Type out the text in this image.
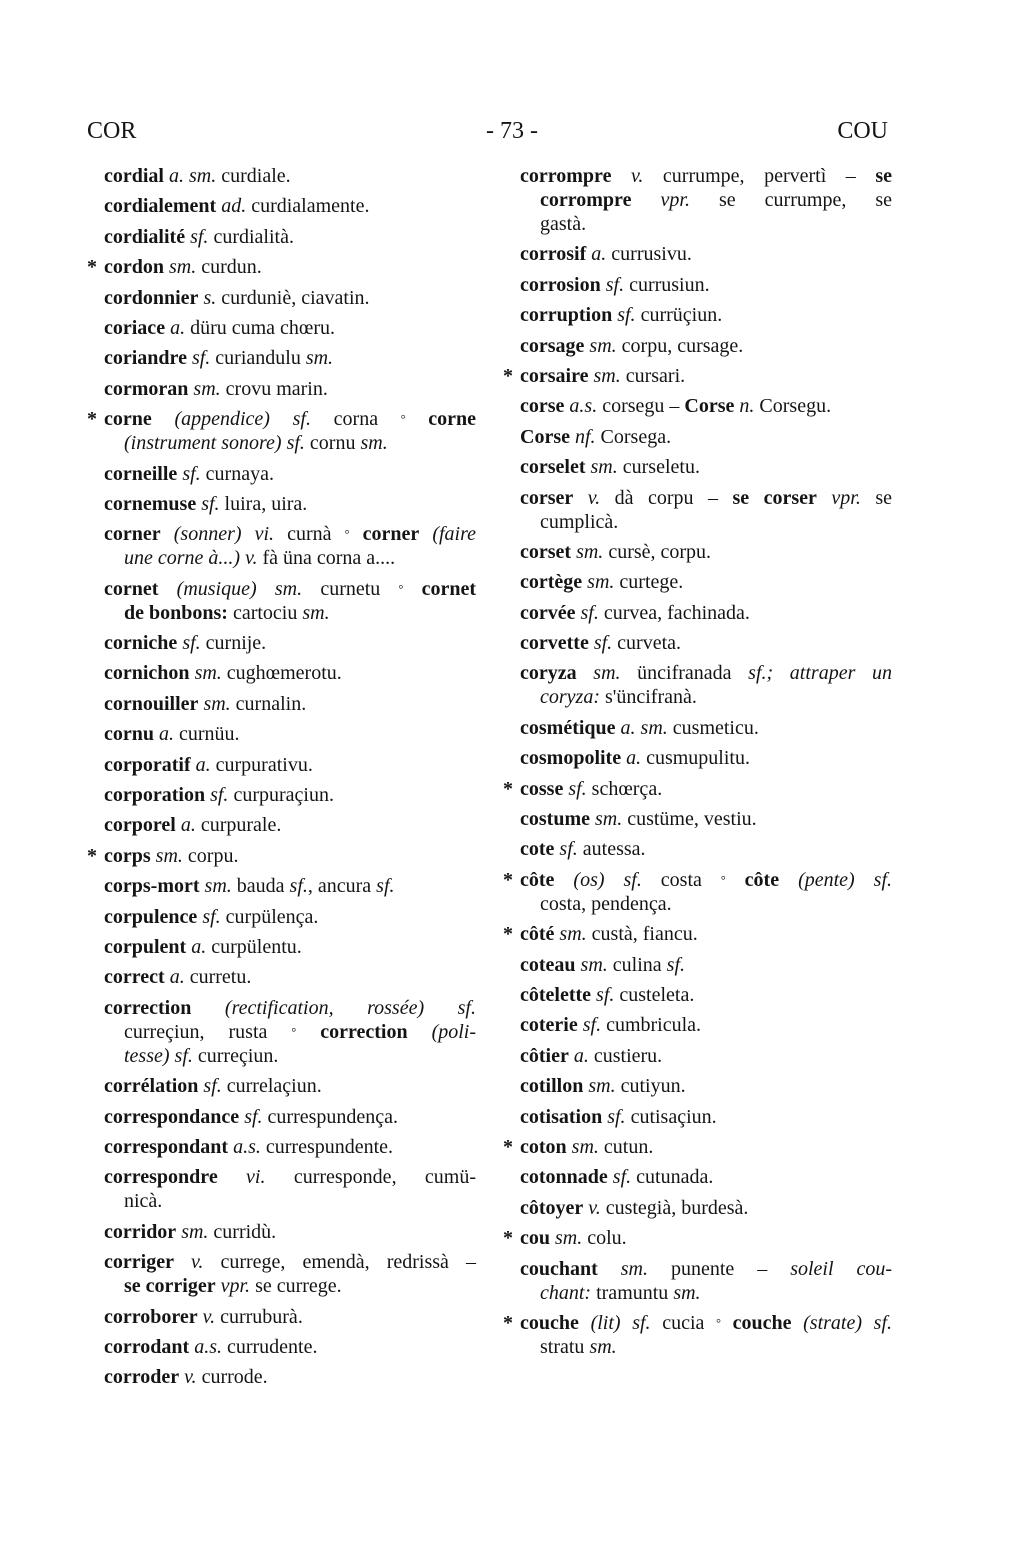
COR	- 73 -	COU
cordial a. sm. curdiale.
cordialement ad. curdialamente.
cordialité sf. curdialità.
* cordon sm. curdun.
cordonnier s. curduniè, ciavatin.
coriace a. düru cuma chœru.
coriandre sf. curiandulu sm.
cormoran sm. crovu marin.
* corne (appendice) sf. corna ° corne
(instrument sonore) sf. cornu sm.
corneille sf. curnaya.
cornemuse sf. luira, uira.
corner (sonner) vi. curnà ° corner (faire
une corne à...) v. fà üna corna a....
cornet (musique) sm. curnetu ° cornet
de bonbons: cartociu sm.
corniche sf. curnije.
cornichon sm. cughœmerotu.
cornouiller sm. curnalin.
cornu a. curnüu.
corporatif a. curpurativu.
corporation sf. curpuraçiun.
corporel a. curpurale.
* corps sm. corpu.
corps-mort sm. bauda sf., ancura sf.
corpulence sf. curpülença.
corpulent a. curpülentu.
correct a. curretu.
correction (rectification, rossée) sf.
curreçiun, rusta ° correction (poli-
tesse) sf. curreçiun.
corrélation sf. currelaçiun.
correspondance sf. currespundença.
correspondant a.s. currespundente.
correspondre vi. curresponde, cumü-
nicà.
corridor sm. curridù.
corriger v. currege, emendà, redrissà –
se corriger vpr. se currege.
corroborer v. curruburà.
corrodant a.s. currudente.
corroder v. currode.
corrompre v. currumpe, pervertì – se
corrompre vpr. se currumpe, se
gastà.
corrosif a. currusivu.
corrosion sf. currusiun.
corruption sf. currüçiun.
corsage sm. corpu, cursage.
* corsaire sm. cursari.
corse a.s. corsegu – Corse n. Corsegu.
Corse nf. Corsega.
corselet sm. curseletu.
corser v. dà corpu – se corser vpr. se
cumplicà.
corset sm. cursè, corpu.
cortège sm. curtege.
corvée sf. curvea, fachinada.
corvette sf. curveta.
coryza sm. üncifranada sf.; attraper un
coryza: s'üncifranà.
cosmétique a. sm. cusmeticu.
cosmopolite a. cusmupulitu.
* cosse sf. schœrça.
costume sm. custüme, vestiu.
cote sf. autessa.
* côte (os) sf. costa ° côte (pente) sf.
costa, pendença.
* côté sm. custà, fiancu.
coteau sm. culina sf.
côtelette sf. custeleta.
coterie sf. cumbricula.
côtier a. custieru.
cotillon sm. cutiyun.
cotisation sf. cutisaçiun.
* coton sm. cutun.
cotonnade sf. cutunada.
côtoyer v. custegià, burdesà.
* cou sm. colu.
couchant sm. punente – soleil cou-
chant: tramuntu sm.
* couche (lit) sf. cucia ° couche (strate) sf.
stratu sm.
